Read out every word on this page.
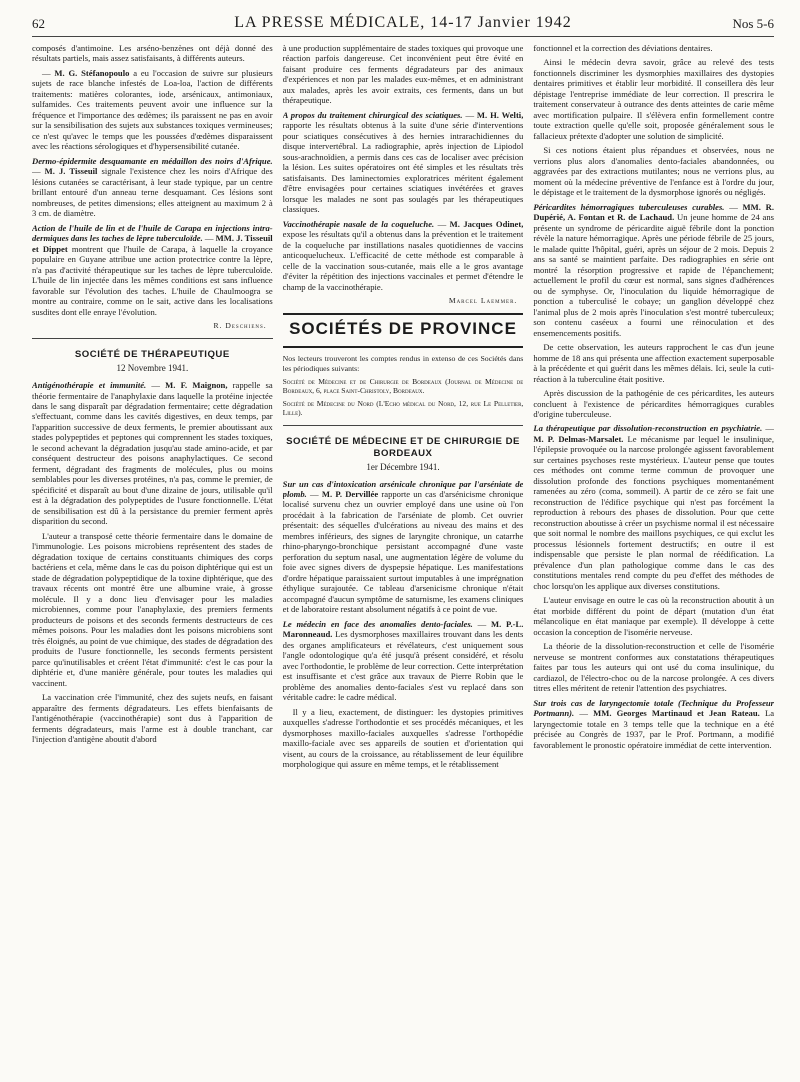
62	LA PRESSE MÉDICALE, 14-17 Janvier 1942	Nos 5-6

composés d'antimoine. Les arséno-benzènes ont déjà donné des résultats partiels, mais assez satisfaisants, à différents auteurs.

— M. G. Stéfanopoulo a eu l'occasion de suivre sur plusieurs sujets de race blanche infestés de Loa-loa, l'action de différents traitements: matières colorantes, iode, arsénicaux, antimoniaux, sulfamides. Ces traitements peuvent avoir une influence sur la fréquence et l'importance des œdèmes; ils paraissent ne pas en avoir sur la sensibilisation des sujets aux substances toxiques vermineuses; ce n'est qu'avec le temps que les poussées d'œdèmes disparaissent avec les réactions sérologiques et d'hypersensibilité cutanée.

Dermo-épidermite desquamante en médaillon des noirs d'Afrique. — M. J. Tisseuil signale l'existence chez les noirs d'Afrique des lésions cutanées se caractérisant, à leur stade typique, par un centre brillant entouré d'un anneau terne desquamant. Ces lésions sont nombreuses, de petites dimensions; elles atteignent au maximum 2 à 3 cm. de diamètre.

Action de l'huile de lin et de l'huile de Carapa en injections intra-dermiques dans les taches de lèpre tuberculoïde. — MM. J. Tisseuil et Dippet montrent que l'huile de Carapa, à laquelle la croyance populaire en Guyane attribue une action protectrice contre la lèpre, n'a pas d'activité thérapeutique sur les taches de lèpre tuberculoïde. L'huile de lin injectée dans les mêmes conditions est sans influence favorable sur l'évolution des taches. L'huile de Chaulmoogra se montre au contraire, comme on le sait, active dans les localisations susdites dont elle enraye l'évolution.

R. Deschiens.
SOCIÉTÉ DE THÉRAPEUTIQUE
12 Novembre 1941.

Antigénothérapie et immunité. — M. F. Maignon, rappelle sa théorie fermentaire de l'anaphylaxie dans laquelle la protéine injectée dans le sang disparaît par dégradation fermentaire; cette dégradation s'effectuant, comme dans les cavités digestives, en deux temps, par l'apparition successive de deux ferments, le premier aboutissant aux stades polypeptides et peptones qui comprennent les stades toxiques, le second achevant la dégradation jusqu'au stade amino-acide, et par conséquent destructeur des poisons anaphylactiques. Ce second ferment, dégradant des fragments de molécules, plus ou moins semblables pour les diverses protéines, n'a pas, comme le premier, de spécificité et disparaît au bout d'une dizaine de jours, utilisable qu'il est à la dégradation des polypeptides de l'usure fonctionnelle. L'état de sensibilisation est dû à la persistance du premier ferment après disparition du second.

L'auteur a transposé cette théorie fermentaire dans le domaine de l'immunologie. Les poisons microbiens représentent des stades de dégradation toxique de certains constituants chimiques des corps bactériens et cela, même dans le cas du poison diphtérique qui est un stade de dégradation polypeptidique de la toxine diphtérique, que des travaux récents ont montré être une albumine vraie, à grosse molécule. Il y a donc lieu d'envisager pour les maladies microbiennes, comme pour l'anaphylaxie, des premiers ferments producteurs de poisons et des seconds ferments destructeurs de ces mêmes poisons. Pour les maladies dont les poisons microbiens sont très éloignés, au point de vue chimique, des stades de dégradation des produits de l'usure fonctionnelle, les seconds ferments persistent parce qu'inutilisables et créent l'état d'immunité: c'est le cas pour la diphtérie et, d'une manière générale, pour toutes les maladies qui vaccinent.

La vaccination crée l'immunité, chez des sujets neufs, en faisant apparaître des ferments dégradateurs. Les effets bienfaisants de l'antigénothérapie (vaccinothérapie) sont dus à l'apparition de ferments dégradateurs, mais l'arme est à double tranchant, car l'injection d'antigène aboutit d'abord

à une production supplémentaire de stades toxiques qui provoque une réaction parfois dangereuse. Cet inconvénient peut être évité en faisant produire ces ferments dégradateurs par des animaux d'expériences et non par les malades eux-mêmes, et en administrant aux malades, après les avoir extraits, ces ferments, dans un but thérapeutique.

A propos du traitement chirurgical des sciatiques. — M. H. Welti, rapporte les résultats obtenus à la suite d'une série d'interventions pour sciatiques consécutives à des hernies intrarachidiennes du disque intervertébral. La radiographie, après injection de Lipiodol sous-arachnoïdien, a permis dans ces cas de localiser avec précision la lésion. Les suites opératoires ont été simples et les résultats très satisfaisants. Des laminectomies exploratrices méritent également d'être envisagées pour certaines sciatiques invétérées et graves lorsque les malades ne sont pas soulagés par les thérapeutiques classiques.

Vaccinothérapie nasale de la coqueluche. — M. Jacques Odinet, expose les résultats qu'il a obtenus dans la prévention et le traitement de la coqueluche par instillations nasales quotidiennes de vaccins anticoquelucheux. L'efficacité de cette méthode est comparable à celle de la vaccination sous-cutanée, mais elle a le gros avantage d'éviter la répétition des injections vaccinales et permet d'étendre le champ de la vaccinothérapie.

Marcel Laemmer.
SOCIÉTÉS DE PROVINCE
Nos lecteurs trouveront les comptes rendus in extenso de ces Sociétés dans les périodiques suivants:

Société de Médecine et de Chirurgie de Bordeaux (Journal de Médecine de Bordeaux, 6, place Saint-Christoly, Bordeaux.

Société de Médecine du Nord (L'Echo médical du Nord, 12, rue Le Pelletier, Lille).

SOCIÉTÉ DE MÉDECINE ET DE CHIRURGIE DE BORDEAUX
1er Décembre 1941.

Sur un cas d'intoxication arsénicale chronique par l'arséniate de plomb. — M. P. Dervillée rapporte un cas d'arsénicisme chronique localisé survenu chez un ouvrier employé dans une usine où l'on procédait à la fabrication de l'arséniate de plomb. Cet ouvrier présentait: des séquelles d'ulcérations au niveau des mains et des membres inférieurs, des signes de laryngite chronique, un catarrhe rhino-pharyngo-bronchique persistant accompagné d'une vaste perforation du septum nasal, une augmentation légère de volume du foie avec signes divers de dyspepsie hépatique. Les manifestations d'ordre hépatique paraissaient surtout imputables à une imprégnation éthylique surajoutée. Ce tableau d'arsenicisme chronique n'était accompagné d'aucun symptôme de saturnisme, les examens cliniques et de laboratoire restant absolument négatifs à ce point de vue.

Le médecin en face des anomalies dento-faciales. — M. P.-L. Maronneaud. Les dysmorphoses maxillaires trouvant dans les dents des organes amplificateurs et révélateurs, c'est uniquement sous l'angle odontologique qu'a été jusqu'à présent considéré, et résolu avec l'orthodontie, le problème de leur correction. Cette interprétation est insuffisante et c'est grâce aux travaux de Pierre Robin que le problème des anomalies dento-faciales s'est vu replacé dans son véritable cadre: le cadre médical.

Il y a lieu, exactement, de distinguer: les dystopies primitives auxquelles s'adresse l'orthodontie et ses procédés mécaniques, et les dysmorphoses maxillo-faciales auxquelles s'adresse l'orthopédie maxillo-faciale avec ses appareils de soutien et d'orientation qui visent, au cours de la croissance, au rétablissement de leur équilibre morphologique qui assure en même temps, et le rétablissement

fonctionnel et la correction des déviations dentaires.

Ainsi le médecin devra savoir, grâce au relevé des tests fonctionnels discriminer les dysmorphies maxillaires des dystopies dentaires primitives et établir leur morbidité. Il conseillera dès leur dépistage l'entreprise immédiate de leur correction. Il prescrira le traitement conservateur à outrance des dents atteintes de carie même avec mortification pulpaire. Il s'élèvera enfin formellement contre toute extraction quelle qu'elle soit, proposée généralement sous le fallacieux prétexte d'adopter une solution de simplicité.

Si ces notions étaient plus répandues et observées, nous ne verrions plus alors d'anomalies dento-faciales abandonnées, ou aggravées par des extractions mutilantes; nous ne verrions plus, au moment où la médecine préventive de l'enfance est à l'ordre du jour, le dépistage et le traitement de la dysmorphose ignorés ou négligés.

Péricardites hémorragiques tuberculeuses curables. — MM. R. Dupérié, A. Fontan et R. de Lachaud. Un jeune homme de 24 ans présente un syndrome de péricardite aiguë fébrile dont la ponction révèle la nature hémorragique. Après une période fébrile de 25 jours, le malade quitte l'hôpital, guéri, après un séjour de 2 mois. Depuis 2 ans sa santé se maintient parfaite. Des radiographies en série ont montré la résorption progressive et rapide de l'épanchement; actuellement le profil du cœur est normal, sans signes d'adhérences ou de symphyse. Or, l'inoculation du liquide hémorragique de ponction a tuberculisé le cobaye; un ganglion développé chez l'animal plus de 2 mois après l'inoculation s'est montré tuberculeux; son contenu caséeux a fourni une réinoculation et des ensemencements positifs.

De cette observation, les auteurs rapprochent le cas d'un jeune homme de 18 ans qui présenta une affection exactement superposable à la précédente et qui guérit dans les mêmes délais. Ici, seule la cuti-réaction à la tuberculine était positive.

Après discussion de la pathogénie de ces péricardites, les auteurs concluent à l'existence de péricardites hémorragiques curables d'origine tuberculeuse.

La thérapeutique par dissolution-reconstruction en psychiatrie. — M. P. Delmas-Marsalet. Le mécanisme par lequel le insulinique, l'épilepsie provoquée ou la narcose prolongée agissent favorablement sur certaines psychoses reste mystérieux. L'auteur pense que toutes ces méthodes ont comme terme commun de provoquer une dissolution profonde des fonctions psychiques momentanément ramenées au zéro (coma, sommeil). A partir de ce zéro se fait une reconstruction de l'édifice psychique qui n'est pas forcément la reproduction à rebours des phases de dissolution. Pour que cette reconstruction aboutisse à créer un psychisme normal il est nécessaire que soit normal le nombre des maillons psychiques, ce qui exclut les processus lésionnels fortement destructifs; en outre il est indispensable que persiste le plan normal de réédification. La prévalence d'un plan pathologique comme dans le cas des constitutions mentales rend compte du peu d'effet des méthodes de choc lorsqu'on les applique aux diverses constitutions.

L'auteur envisage en outre le cas où la reconstruction aboutit à un état morbide différent du point de départ (mutation d'un état mélancolique en état maniaque par exemple). Il développe à cette occasion la conception de l'isomérie nerveuse.

La théorie de la dissolution-reconstruction et celle de l'isomérie nerveuse se montrent conformes aux constatations thérapeutiques faites par tous les auteurs qui ont usé du coma insulinique, du cardiazol, de l'électro-choc ou de la narcose prolongée. A ces divers titres elles méritent de retenir l'attention des psychiatres.

Sur trois cas de laryngectomie totale (Technique du Professeur Portmann). — MM. Georges Martinaud et Jean Rateau. La laryngectomie totale en 3 temps telle que la technique en a été précisée au Congrès de 1937, par le Prof. Portmann, a modifié favorablement le pronostic opératoire immédiat de cette intervention.
